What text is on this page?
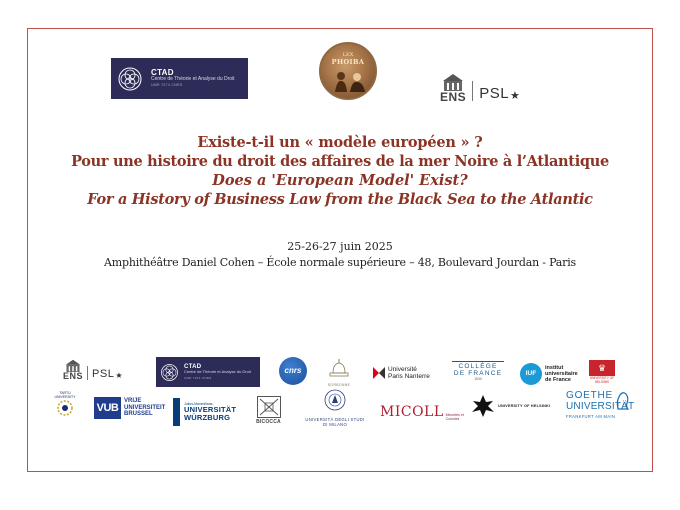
CTAD
Centre de Théorie et Analyse du Droit
UMR 7074 CNRS
LEX
PHOIBA
ENS PSL ★
Existe-t-il un « modèle européen » ?
Pour une histoire du droit des affaires de la mer Noire à l’Atlantique
Does a 'European Model' Exist?
For a History of Business Law from the Black Sea to the Atlantic
25-26-27 juin 2025
Amphithéâtre Daniel Cohen – École normale supérieure – 48, Boulevard Jourdan - Paris
ENS PSL ★
CTAD
Centre de Théorie et Analyse du Droit
UMR 7074 CNRS
cnrs
SORBONNE
Université
Paris Nanterre
COLLÈGE
DE FRANCE
1530
IUF
institut
universitaire
de France
♛
UNIVERSITY OF HELSINKI
TARTU UNIVERSITY
VUB
VRIJE
UNIVERSITEIT
BRUSSEL
Julius-Maximilians-
UNIVERSITÄT
WÜRZBURG	BICOCCA	UNIVERSITÀ DEGLI STUDI
DI MILANO
MICOLL Minorités et Colonies
UNIVERSITY OF HELSINKI
GOETHE
UNIVERSITÄT
FRANKFURT AM MAIN
